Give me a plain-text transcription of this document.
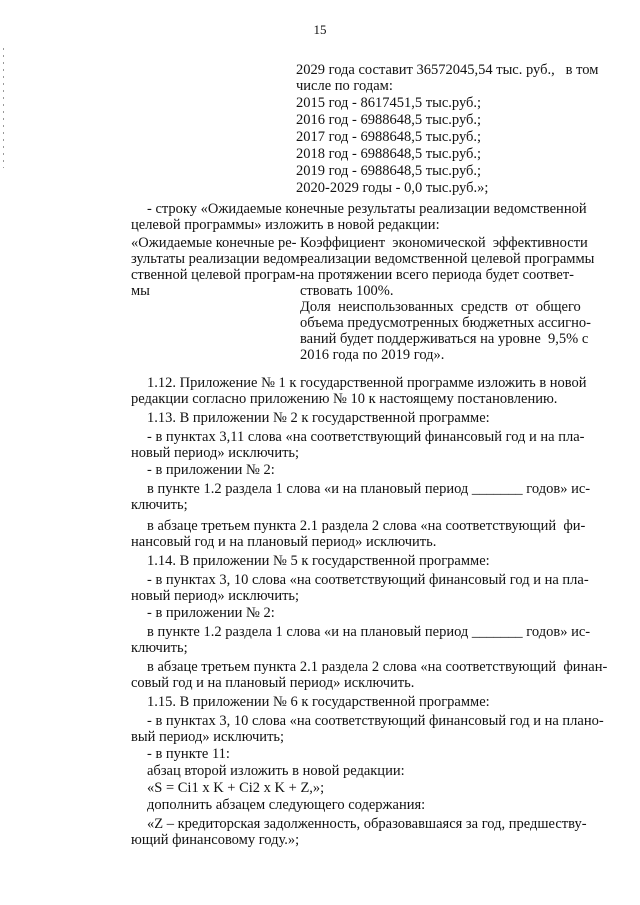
15
2029 года составит 36572045,54 тыс. руб.,   в том
числе по годам:
2015 год - 8617451,5 тыс.руб.;
2016 год - 6988648,5 тыс.руб.;
2017 год - 6988648,5 тыс.руб.;
2018 год - 6988648,5 тыс.руб.;
2019 год - 6988648,5 тыс.руб.;
2020-2029 годы - 0,0 тыс.руб.»;
- строку «Ожидаемые конечные результаты реализации ведомственной
целевой программы» изложить в новой редакции:
«Ожидаемые конечные ре-
зультаты реализации ведом-
ственной целевой програм-
мы
Коэффициент  экономической  эффективности
реализации ведомственной целевой программы
на протяжении всего периода будет соответ-
ствовать 100%.
Доля  неиспользованных  средств  от  общего
объема предусмотренных бюджетных ассигно-
ваний будет поддерживаться на уровне  9,5% с
2016 года по 2019 год».
1.12. Приложение № 1 к государственной программе изложить в новой
редакции согласно приложению № 10 к настоящему постановлению.
1.13. В приложении № 2 к государственной программе:
- в пунктах 3,11 слова «на соответствующий финансовый год и на пла-
новый период» исключить;
- в приложении № 2:
в пункте 1.2 раздела 1 слова «и на плановый период _______ годов» ис-
ключить;
в абзаце третьем пункта 2.1 раздела 2 слова «на соответствующий  фи-
нансовый год и на плановый период» исключить.
1.14. В приложении № 5 к государственной программе:
- в пунктах 3, 10 слова «на соответствующий финансовый год и на пла-
новый период» исключить;
- в приложении № 2:
в пункте 1.2 раздела 1 слова «и на плановый период _______ годов» ис-
ключить;
в абзаце третьем пункта 2.1 раздела 2 слова «на соответствующий  финан-
совый год и на плановый период» исключить.
1.15. В приложении № 6 к государственной программе:
- в пунктах 3, 10 слова «на соответствующий финансовый год и на плано-
вый период» исключить;
- в пункте 11:
абзац второй изложить в новой редакции:
«S = Ci1 x K + Ci2 x K + Z,»;
дополнить абзацем следующего содержания:
«Z – кредиторская задолженность, образовавшаяся за год, предшеству-
ющий финансовому году.»;
